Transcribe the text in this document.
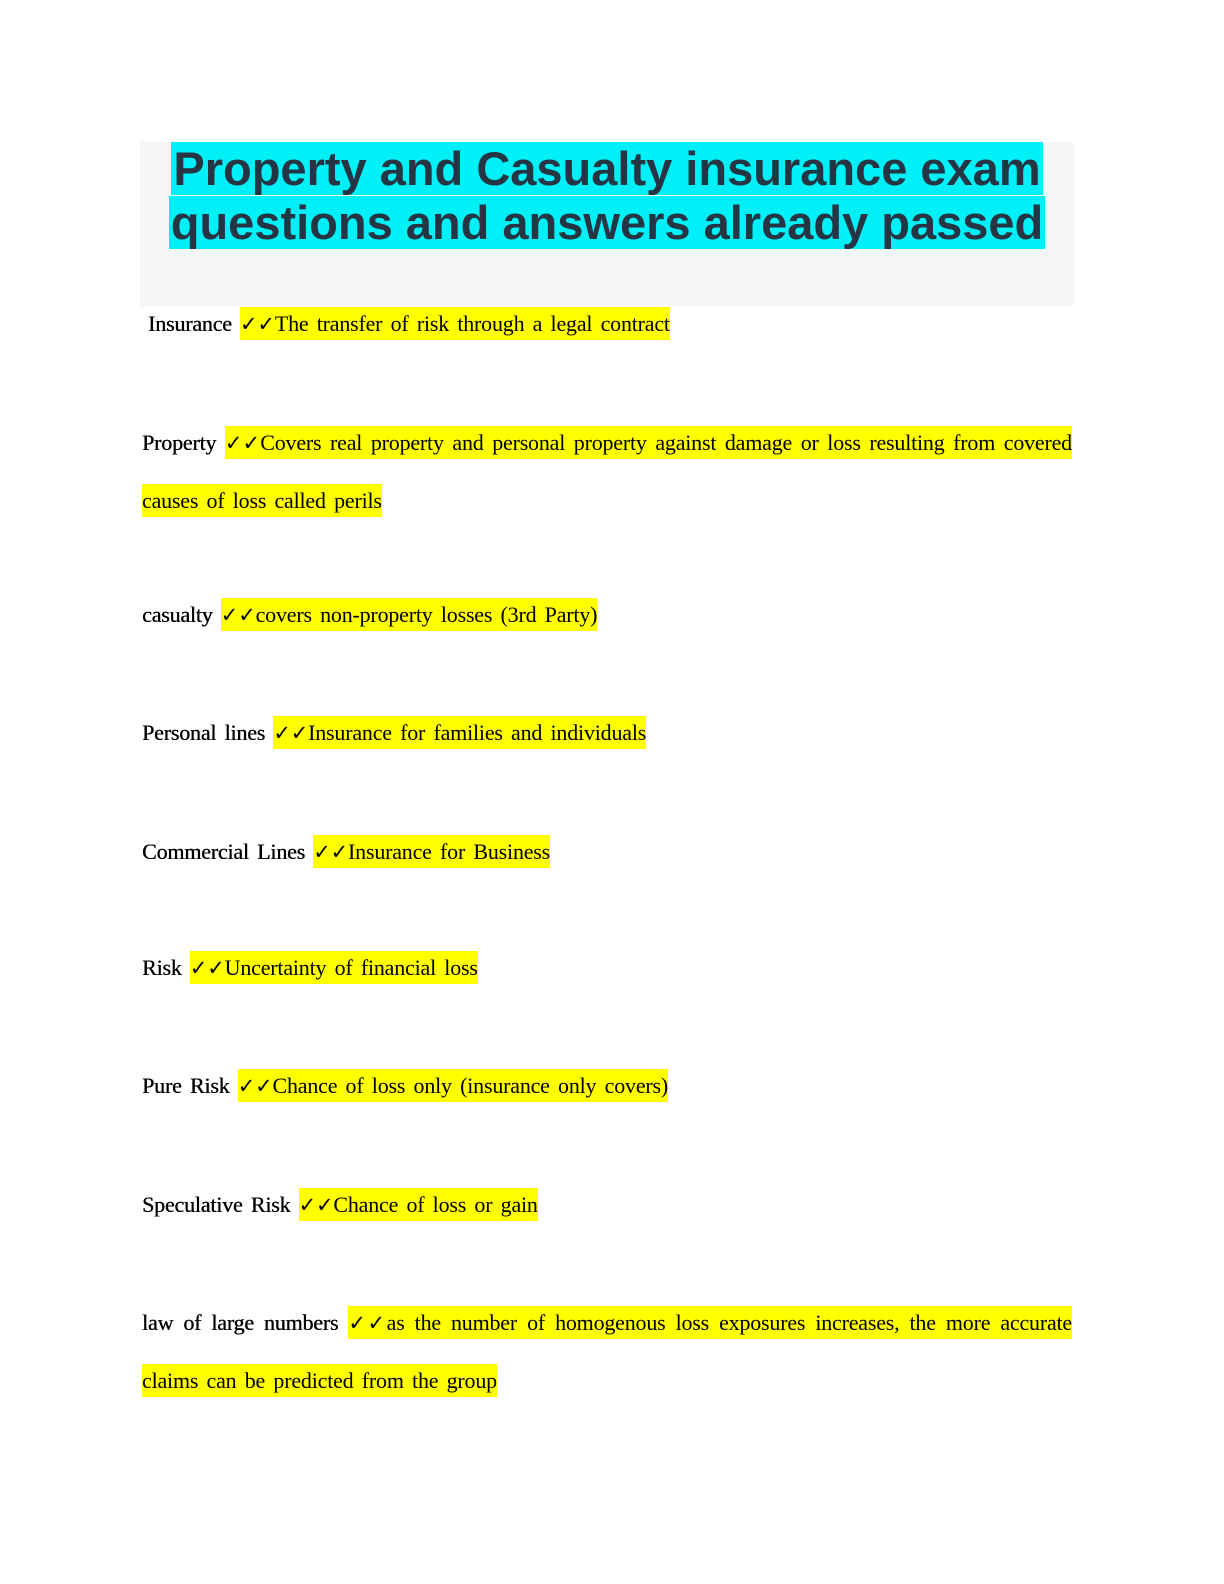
Property and Casualty insurance exam
questions and answers already passed

Insurance ✓✓The transfer of risk through a legal contract

Property ✓✓Covers real property and personal property against damage or loss resulting from covered causes of loss called perils

casualty ✓✓covers non-property losses (3rd Party)

Personal lines ✓✓Insurance for families and individuals

Commercial Lines ✓✓Insurance for Business

Risk ✓✓Uncertainty of financial loss

Pure Risk ✓✓Chance of loss only (insurance only covers)

Speculative Risk ✓✓Chance of loss or gain

law of large numbers ✓✓as the number of homogenous loss exposures increases, the more accurate claims can be predicted from the group
